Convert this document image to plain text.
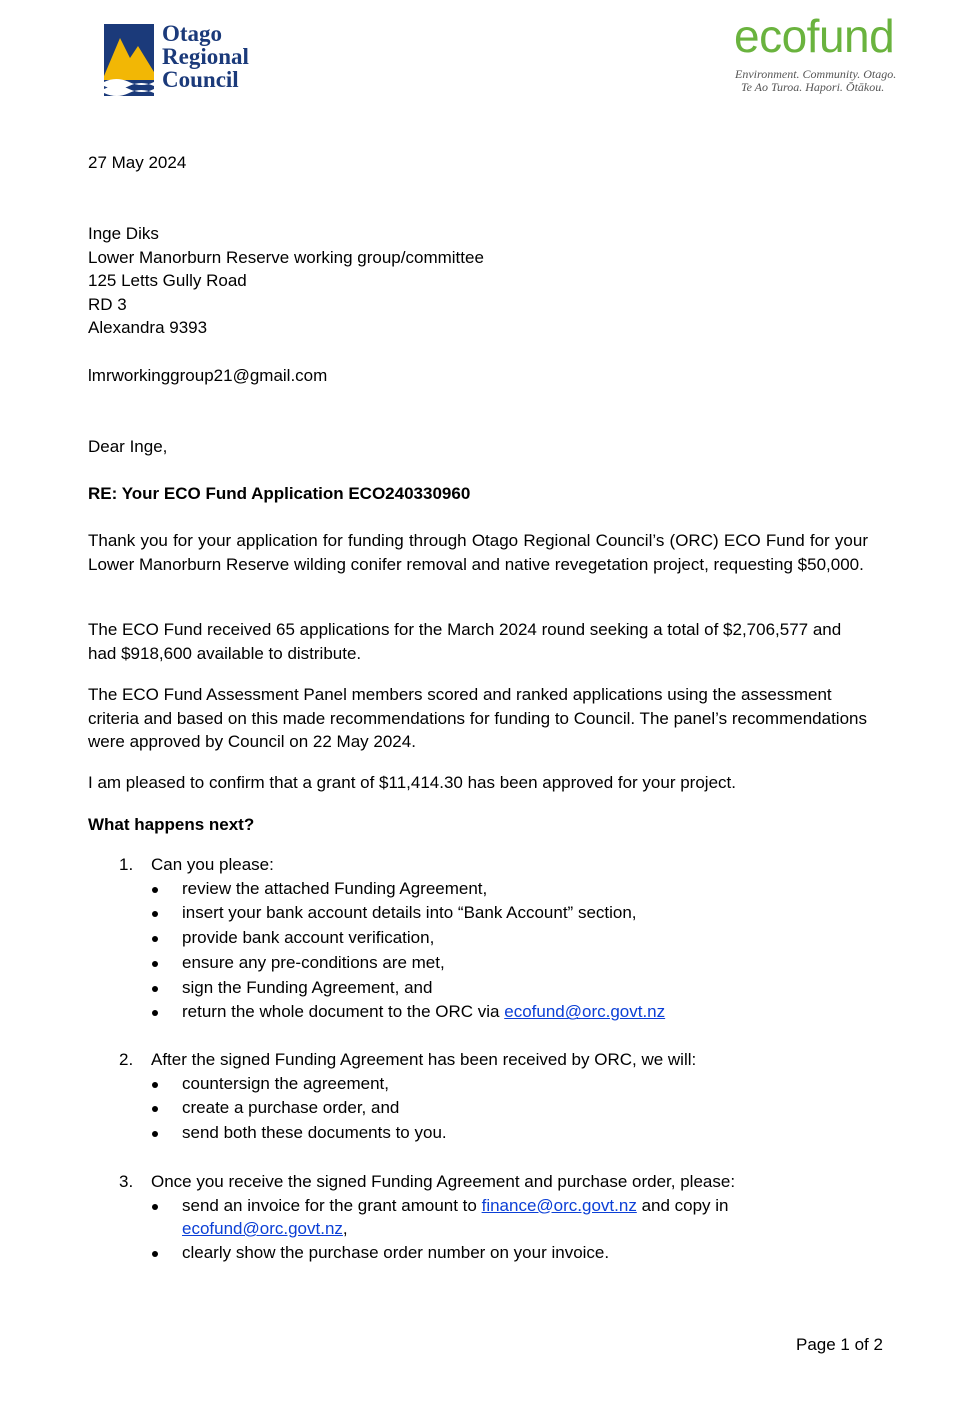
Otago
Regional
Council
ecofund
Environment. Community. Otago.
Te Ao Turoa. Hapori. Ōtākou.
27 May 2024
Inge Diks
Lower Manorburn Reserve working group/committee
125 Letts Gully Road
RD 3
Alexandra 9393
lmrworkinggroup21@gmail.com
Dear Inge,
RE: Your ECO Fund Application ECO240330960

Thank you for your application for funding through Otago Regional Council’s (ORC) ECO Fund for your Lower Manorburn Reserve wilding conifer removal and native revegetation project, requesting $50,000.

The ECO Fund received 65 applications for the March 2024 round seeking a total of $2,706,577 and had $918,600 available to distribute.

The ECO Fund Assessment Panel members scored and ranked applications using the assessment criteria and based on this made recommendations for funding to Council. The panel’s recommendations were approved by Council on 22 May 2024.

I am pleased to confirm that a grant of $11,414.30 has been approved for your project.

What happens next?
1. Can you please:
review the attached Funding Agreement,
insert your bank account details into “Bank Account” section,
provide bank account verification,
ensure any pre-conditions are met,
sign the Funding Agreement, and
return the whole document to the ORC via ecofund@orc.govt.nz
2. After the signed Funding Agreement has been received by ORC, we will:
countersign the agreement,
create a purchase order, and
send both these documents to you.
3. Once you receive the signed Funding Agreement and purchase order, please:
send an invoice for the grant amount to finance@orc.govt.nz and copy in
ecofund@orc.govt.nz,
clearly show the purchase order number on your invoice.
Page 1 of 2
